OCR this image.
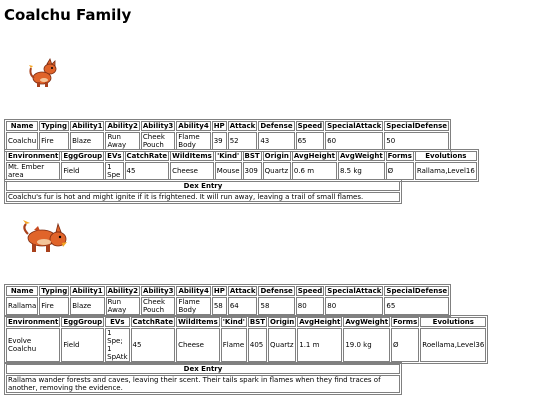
Coalchu Family
Name	Typing	Ability1	Ability2	Ability3	Ability4	HP	Attack	Defense	Speed	SpecialAttack	SpecialDefense
Coalchu	Fire	Blaze	Run Away	Cheek Pouch	Flame Body	39	52	43	65	60	50
Environment	EggGroup	EVs	CatchRate	WildItems	'Kind'	BST	Origin	AvgHeight	AvgWeight	Forms	Evolutions
Mt. Ember area	Field	1 Spe	45	Cheese	Mouse	309	Quartz	0.6 m	8.5 kg	Ø	Rallama,Level16
Dex Entry
Coalchu's fur is hot and might ignite if it is frightened. It will run away, leaving a trail of small flames.
Name	Typing	Ability1	Ability2	Ability3	Ability4	HP	Attack	Defense	Speed	SpecialAttack	SpecialDefense
Rallama	Fire	Blaze	Run Away	Cheek Pouch	Flame Body	58	64	58	80	80	65
Environment	EggGroup	EVs	CatchRate	WildItems	'Kind'	BST	Origin	AvgHeight	AvgWeight	Forms	Evolutions
Evolve Coalchu	Field	1 Spe; 1 SpAtk	45	Cheese	Flame	405	Quartz	1.1 m	19.0 kg	Ø	Roellama,Level36
Dex Entry
Rallama wander forests and caves, leaving their scent. Their tails spark in flames when they find traces of another, removing the evidence.
